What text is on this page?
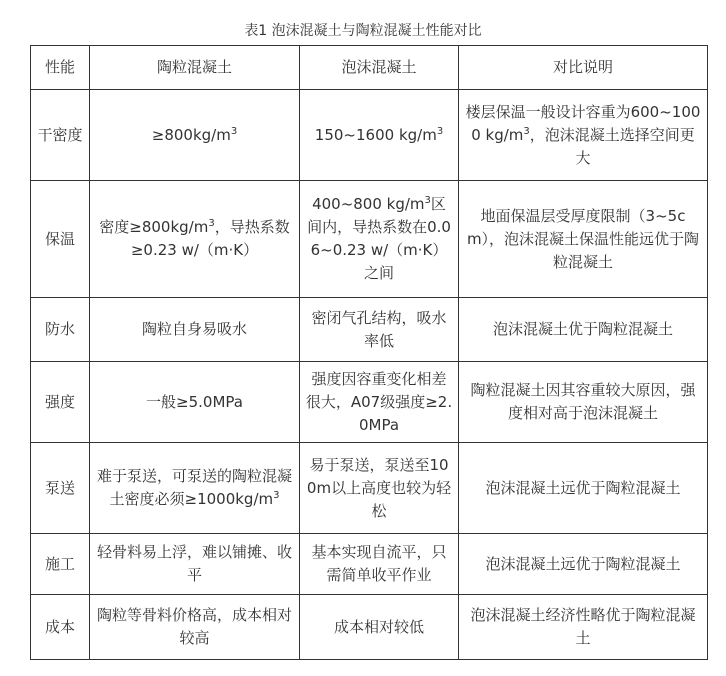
表1 泡沫混凝土与陶粒混凝土性能对比
性能	陶粒混凝土	泡沫混凝土	对比说明
干密度	$\ge 800kg/m^3$	150~1600 $kg/m^3$	楼层保温一般设计容重为600~1000 $kg/m^3$，泡沫混凝土选择空间更大
保温	密度$\ge 800kg/m^3$，导热系数≥0.23 w/（m·K）	400~800 $kg/m^3$区间内，导热系数在0.06~0.23 w/（m·K）之间	地面保温层受厚度限制（3~5cm），泡沫混凝土保温性能远优于陶粒混凝土
防水	陶粒自身易吸水	密闭气孔结构，吸水率低	泡沫混凝土优于陶粒混凝土
强度	一般≥5.0MPa	强度因容重变化相差很大，A07级强度≥2.0MPa	陶粒混凝土因其容重较大原因，强度相对高于泡沫混凝土
泵送	难于泵送，可泵送的陶粒混凝土密度必须$\ge 1000kg/m^3$	易于泵送，泵送至100m以上高度也较为轻松	泡沫混凝土远优于陶粒混凝土
施工	轻骨料易上浮，难以铺摊、收平	基本实现自流平，只需简单收平作业	泡沫混凝土远优于陶粒混凝土
成本	陶粒等骨料价格高，成本相对较高	成本相对较低	泡沫混凝土经济性略优于陶粒混凝土
